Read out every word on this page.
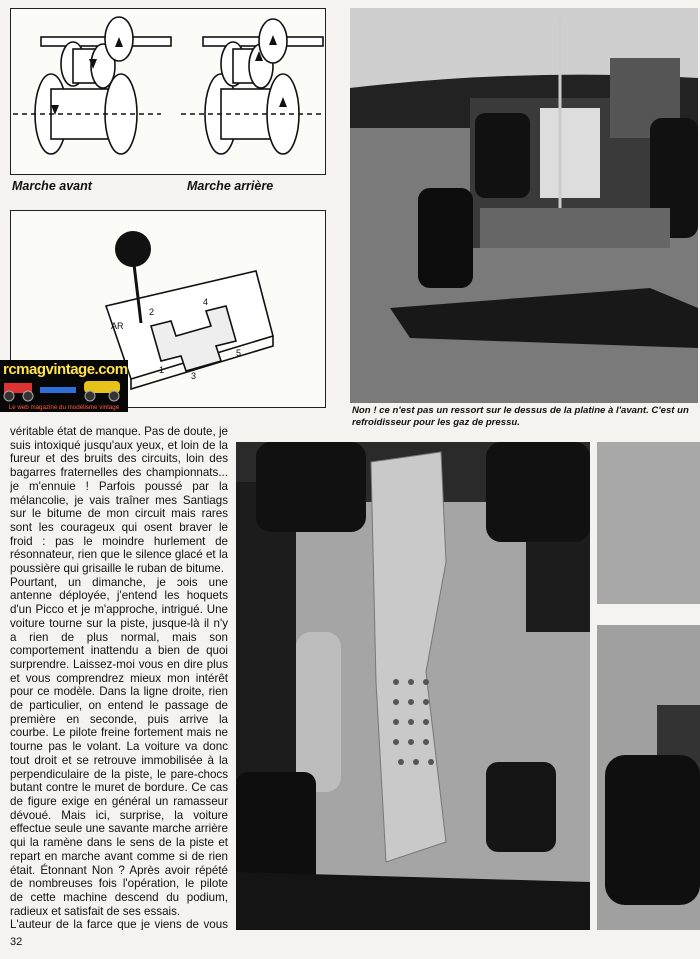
Marche avant	Marche arrière
AR
1
2
3
4
5
rcmagvintage.com
Le web magazine du modélisme vintage	Non ! ce n'est pas un ressort sur le dessus de la platine à l'avant. C'est un refroidisseur pour les gaz de pressu.

véritable état de manque. Pas de doute, je suis intoxiqué jusqu'aux yeux, et loin de la fureur et des bruits des circuits, loin des bagarres fraternelles des championnats... je m'ennuie ! Parfois poussé par la mélancolie, je vais traîner mes Santiags sur le bitume de mon circuit mais rares sont les courageux qui osent braver le froid : pas le moindre hurlement de résonnateur, rien que le silence glacé et la poussière qui grisaille le ruban de bitume.

Pourtant, un dimanche, je ɔois une antenne déployée, j'entend les hoquets d'un Picco et je m'approche, intrigué. Une voiture tourne sur la piste, jusque-là il n'y a rien de plus normal, mais son comportement inattendu a bien de quoi surprendre. Laissez-moi vous en dire plus et vous comprendrez mieux mon intérêt pour ce modèle. Dans la ligne droite, rien de particulier, on entend le passage de première en seconde, puis arrive la courbe. Le pilote freine fortement mais ne tourne pas le volant. La voiture va donc tout droit et se retrouve immobilisée à la perpendiculaire de la piste, le pare-chocs butant contre le muret de bordure. Ce cas de figure exige en général un ramasseur dévoué. Mais ici, surprise, la voiture effectue seule une savante marche arrière qui la ramène dans le sens de la piste et repart en marche avant comme si de rien était. Étonnant Non ? Après avoir répété de nombreuses fois l'opération, le pilote de cette machine descend du podium, radieux et satisfait de ses essais.

L'auteur de la farce que je viens de vous

32
